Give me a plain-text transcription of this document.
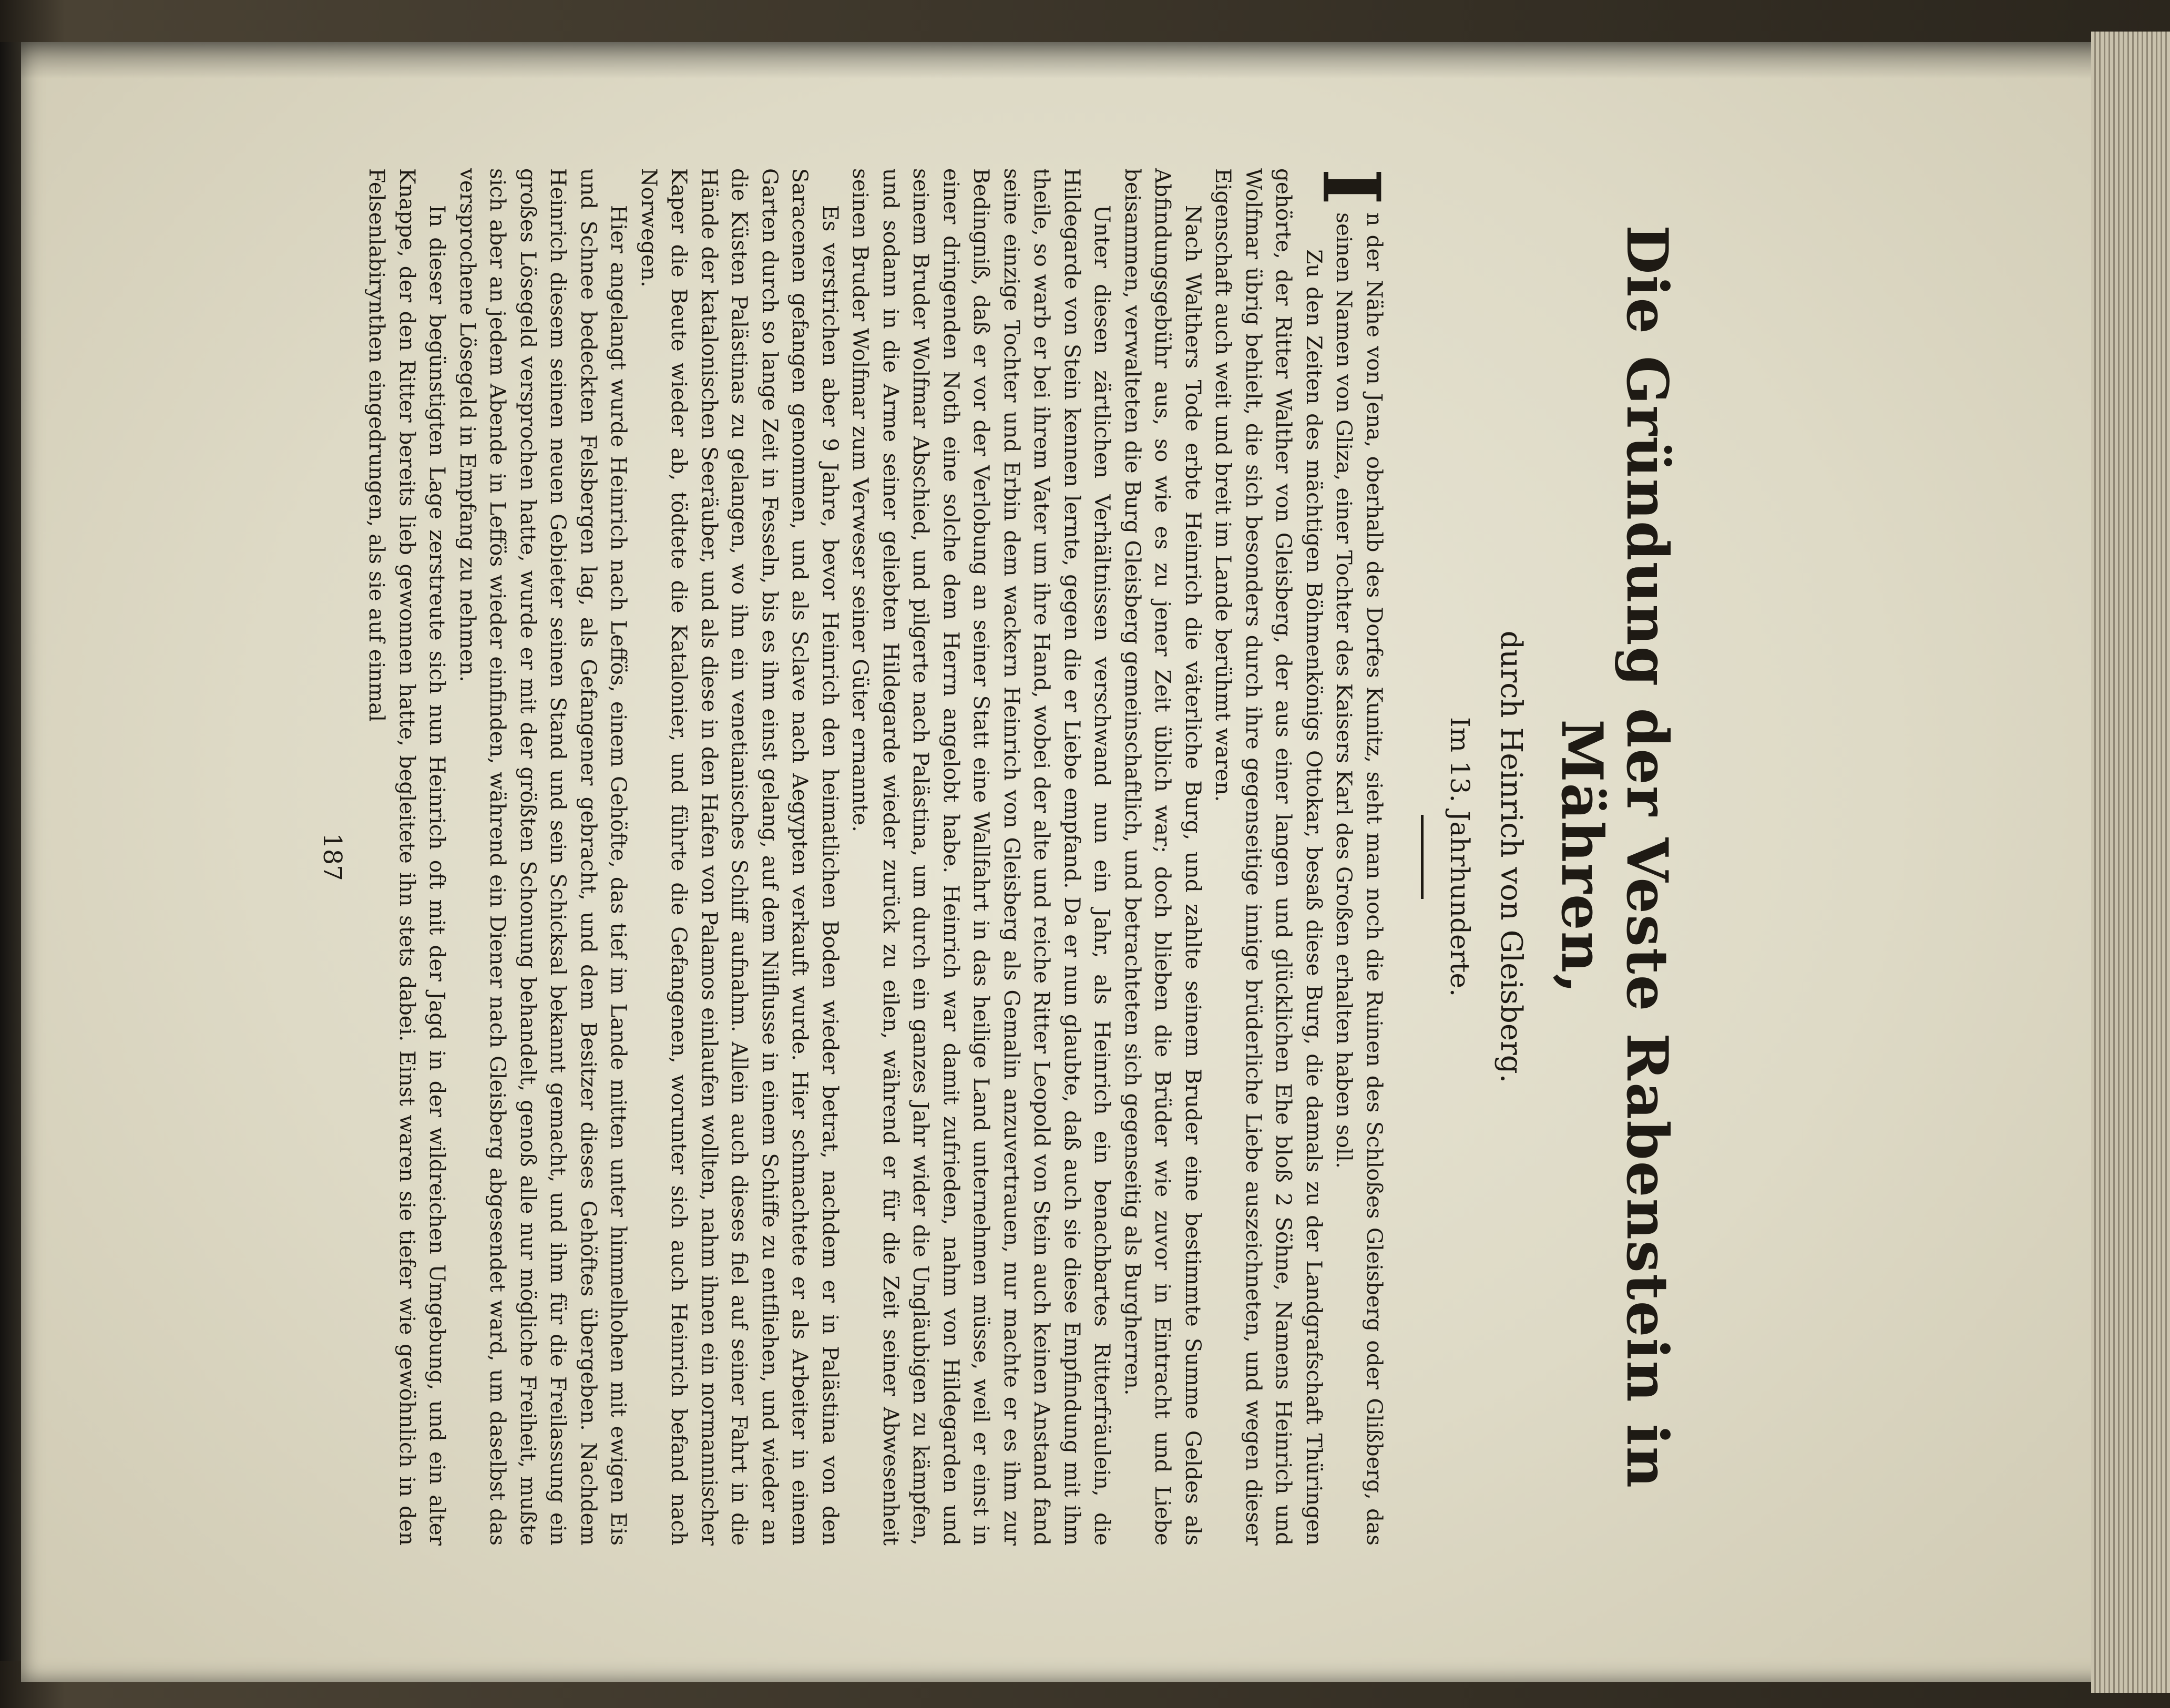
Die Gründung der Veste Rabenstein in Mähren,
durch Heinrich von Gleisberg.
Im 13. Jahrhunderte.

I
n der Nähe von Jena, oberhalb des Dorfes Kunitz, sieht man noch die Ruinen des Schloßes Gleisberg oder Glißberg, das seinen Namen von Gliza, einer Tochter des Kaisers Karl des Großen erhalten haben soll.

Zu den Zeiten des mächtigen Böhmenkönigs Ottokar, besaß diese Burg, die damals zu der Landgrafschaft Thüringen gehörte, der Ritter Walther von Gleisberg, der aus einer langen und glücklichen Ehe bloß 2 Söhne, Namens Heinrich und Wolfmar übrig behielt, die sich besonders durch ihre gegenseitige innige brüderliche Liebe auszeichneten, und wegen dieser Eigenschaft auch weit und breit im Lande berühmt waren.

Nach Walthers Tode erbte Heinrich die väterliche Burg, und zahlte seinem Bruder eine bestimmte Summe Geldes als Abfindungsgebühr aus, so wie es zu jener Zeit üblich war; doch blieben die Brüder wie zuvor in Eintracht und Liebe beisammen, verwalteten die Burg Gleisberg gemeinschaftlich, und betrachteten sich gegenseitig als Burgherren.

Unter diesen zärtlichen Verhältnissen verschwand nun ein Jahr, als Heinrich ein benachbartes Ritterfräulein, die Hildegarde von Stein kennen lernte, gegen die er Liebe empfand. Da er nun glaubte, daß auch sie diese Empfindung mit ihm theile, so warb er bei ihrem Vater um ihre Hand, wobei der alte und reiche Ritter Leopold von Stein auch keinen Anstand fand seine einzige Tochter und Erbin dem wackern Heinrich von Gleisberg als Gemalin anzuvertrauen, nur machte er es ihm zur Bedingniß, daß er vor der Verlobung an seiner Statt eine Wallfahrt in das heilige Land unternehmen müsse, weil er einst in einer dringenden Noth eine solche dem Herrn angelobt habe. Heinrich war damit zufrieden, nahm von Hildegarden und seinem Bruder Wolfmar Abschied, und pilgerte nach Palästina, um durch ein ganzes Jahr wider die Ungläubigen zu kämpfen, und sodann in die Arme seiner geliebten Hildegarde wieder zurück zu eilen, während er für die Zeit seiner Abwesenheit seinen Bruder Wolfmar zum Verweser seiner Güter ernannte.

Es verstrichen aber 9 Jahre, bevor Heinrich den heimatlichen Boden wieder betrat, nachdem er in Palästina von den Saracenen gefangen genommen, und als Sclave nach Aegypten verkauft wurde. Hier schmachtete er als Arbeiter in einem Garten durch so lange Zeit in Fesseln, bis es ihm einst gelang, auf dem Nilflusse in einem Schiffe zu entfliehen, und wieder an die Küsten Palästinas zu gelangen, wo ihn ein venetianisches Schiff aufnahm. Allein auch dieses fiel auf seiner Fahrt in die Hände der katalonischen Seeräuber, und als diese in den Hafen von Palamos einlaufen wollten, nahm ihnen ein normannischer Kaper die Beute wieder ab, tödtete die Katalonier, und führte die Gefangenen, worunter sich auch Heinrich befand nach Norwegen.

Hier angelangt wurde Heinrich nach Leffös, einem Gehöfte, das tief im Lande mitten unter himmelhohen mit ewigen Eis und Schnee bedeckten Felsbergen lag, als Gefangener gebracht, und dem Besitzer dieses Gehöftes übergeben. Nachdem Heinrich diesem seinen neuen Gebieter seinen Stand und sein Schicksal bekannt gemacht, und ihm für die Freilassung ein großes Lösegeld versprochen hatte, wurde er mit der größten Schonung behandelt, genoß alle nur mögliche Freiheit, mußte sich aber an jedem Abende in Leffös wieder einfinden, während ein Diener nach Gleisberg abgesendet ward, um daselbst das versprochene Lösegeld in Empfang zu nehmen.

In dieser begünstigten Lage zerstreute sich nun Heinrich oft mit der Jagd in der wildreichen Umgebung, und ein alter Knappe, der den Ritter bereits lieb gewonnen hatte, begleitete ihn stets dabei. Einst waren sie tiefer wie gewöhnlich in den Felsenlabirynthen eingedrungen, als sie auf einmal

187
